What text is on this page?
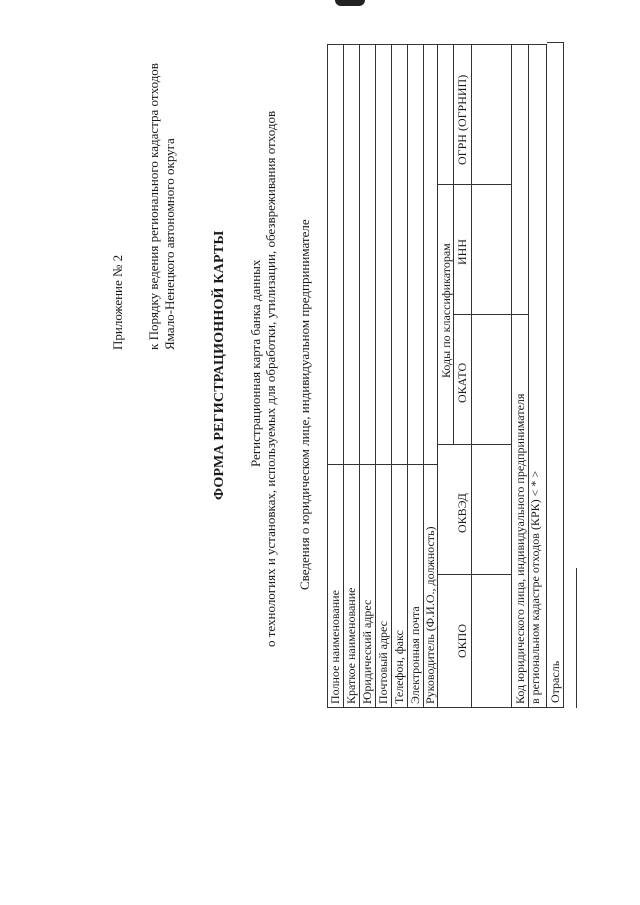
Приложение № 2 к Порядку ведения регионального кадастра отходов Ямало-Ненецкого автономного округа	ФОРМА РЕГИСТРАЦИОННОЙ КАРТЫ Регистрационная карта банка данных о технологиях и установках, используемых для обработки, утилизации, обезвреживания отходов Сведения о юридическом лице, индивидуальном предпринимателе
Полное наименование Краткое наименование Юридический адрес Почтовый адрес Телефон, факс Электронная почта Руководитель (Ф.И.О., должность)
Коды по классификаторам
ОКПО
ОКВЭД
ОКАТО
ИНН
ОГРН (ОГРНИП)
Код юридического лица, индивидуального предпринимателя в региональном кадастре отходов (КРК) < * > Отрасль
